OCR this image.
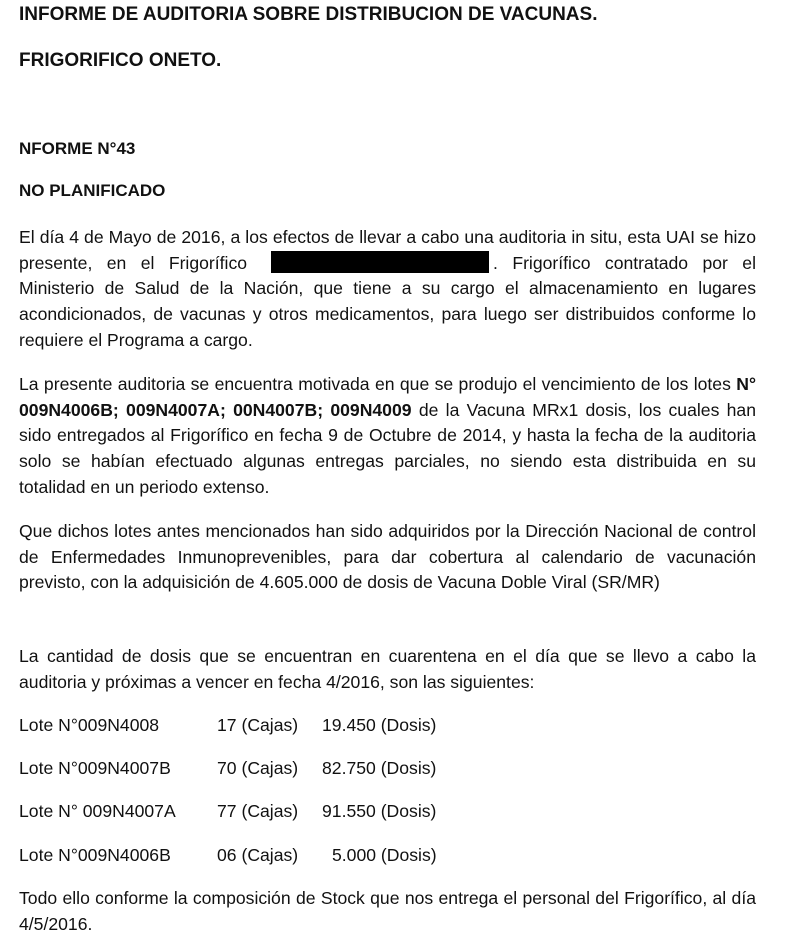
INFORME DE AUDITORIA SOBRE DISTRIBUCION DE VACUNAS.
FRIGORIFICO ONETO.
NFORME N°43
NO PLANIFICADO
El día 4 de Mayo de 2016, a los efectos de llevar a cabo una auditoria in situ, esta UAI se hizo presente, en el Frigorífico	. Frigorífico contratado por el Ministerio de Salud de la Nación, que tiene a su cargo el almacenamiento en lugares acondicionados, de vacunas y otros medicamentos, para luego ser distribuidos conforme lo requiere el Programa a cargo.
La presente auditoria se encuentra motivada en que se produjo el vencimiento de los lotes N° 009N4006B; 009N4007A; 00N4007B; 009N4009 de la Vacuna MRx1 dosis, los cuales han sido entregados al Frigorífico en fecha 9 de Octubre de 2014, y hasta la fecha de la auditoria solo se habían efectuado algunas entregas parciales, no siendo esta distribuida en su totalidad en un periodo extenso.
Que dichos lotes antes mencionados han sido adquiridos por la Dirección Nacional de control de Enfermedades Inmunoprevenibles, para dar cobertura al calendario de vacunación previsto, con la adquisición de 4.605.000 de dosis de Vacuna Doble Viral (SR/MR)
La cantidad de dosis que se encuentran en cuarentena en el día que se llevo a cabo la auditoria y próximas a vencer en fecha 4/2016, son las siguientes:
Lote N°009N4008	17 (Cajas) 19.450 (Dosis)
Lote N°009N4007B	70 (Cajas) 82.750 (Dosis)
Lote N° 009N4007A 77 (Cajas) 91.550 (Dosis)
Lote N°009N4006B	06 (Cajas) 5.000 (Dosis)
Todo ello conforme la composición de Stock que nos entrega el personal del Frigorífico, al día 4/5/2016.
